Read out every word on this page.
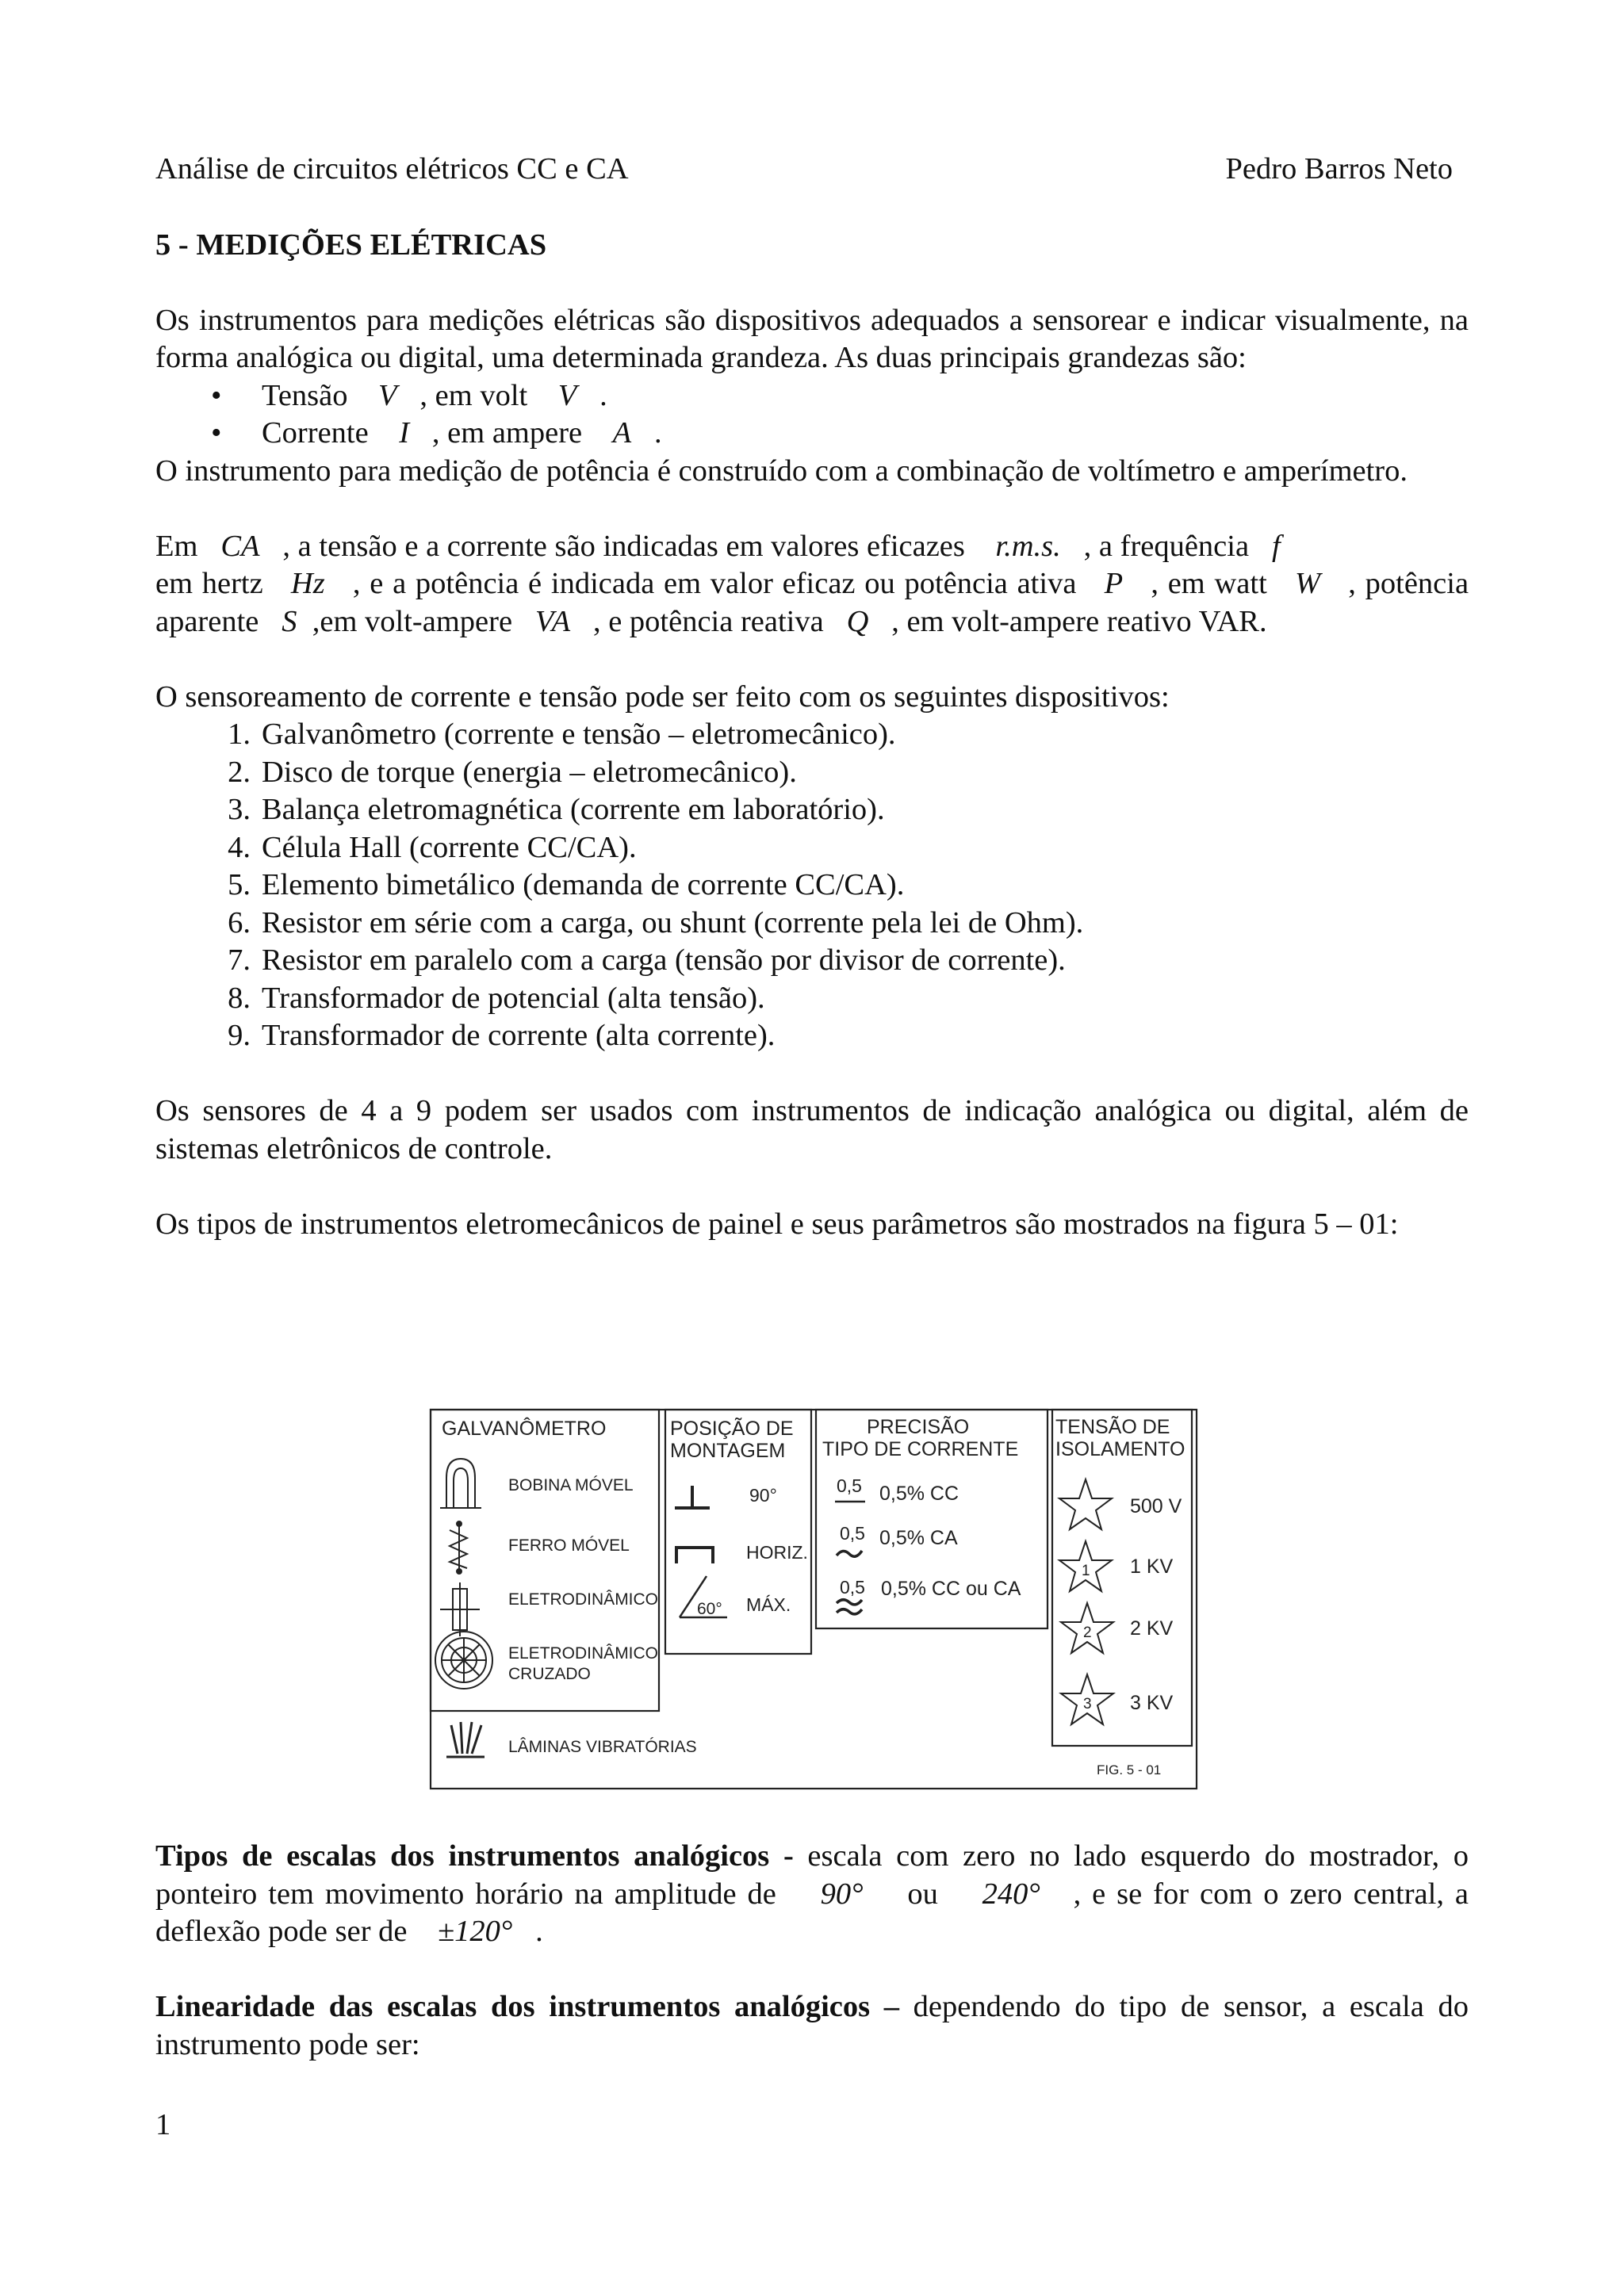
Análise de circuitos elétricos CC e CA	Pedro Barros Neto

5 - MEDIÇÕES ELÉTRICAS

Os instrumentos para medições elétricas são dispositivos adequados a sensorear e indicar visualmente, na forma analógica ou digital, uma determinada grandeza. As duas principais grandezas são:

• Tensão V , em volt V .
• Corrente I , em ampere A .

O instrumento para medição de potência é construído com a combinação de voltímetro e amperímetro.

Em CA , a tensão e a corrente são indicadas em valores eficazes r.m.s. , a frequência f
em hertz Hz , e a potência é indicada em valor eficaz ou potência ativa P , em watt W , potência aparente S ,em volt-ampere VA , e potência reativa Q , em volt-ampere reativo VAR.

O sensoreamento de corrente e tensão pode ser feito com os seguintes dispositivos:

1. Galvanômetro (corrente e tensão – eletromecânico).
2. Disco de torque (energia – eletromecânico).
3. Balança eletromagnética (corrente em laboratório).
4. Célula Hall (corrente CC/CA).
5. Elemento bimetálico (demanda de corrente CC/CA).
6. Resistor em série com a carga, ou shunt (corrente pela lei de Ohm).
7. Resistor em paralelo com a carga (tensão por divisor de corrente).
8. Transformador de potencial (alta tensão).
9. Transformador de corrente (alta corrente).

Os sensores de 4 a 9 podem ser usados com instrumentos de indicação analógica ou digital, além de sistemas eletrônicos de controle.

Os tipos de instrumentos eletromecânicos de painel e seus parâmetros são mostrados na figura 5 – 01:

GALVANÔMETRO
BOBINA MÓVEL
FERRO MÓVEL
ELETRODINÂMICO
ELETRODINÂMICO
CRUZADO
LÂMINAS VIBRATÓRIAS
POSIÇÃO DE
MONTAGEM
90°
HORIZ.
60° MÁX.
PRECISÃO
TIPO DE CORRENTE
0,5 0,5% CC
0,5 0,5% CA
0,5 0,5% CC ou CA
TENSÃO DE
ISOLAMENTO
1
2
3
500 V
1 KV
2 KV
3 KV
FIG. 5 - 01

Tipos de escalas dos instrumentos analógicos - escala com zero no lado esquerdo do mostrador, o ponteiro tem movimento horário na amplitude de 90° ou 240° , e se for com o zero central, a deflexão pode ser de ±120° .

Linearidade das escalas dos instrumentos analógicos – dependendo do tipo de sensor, a escala do instrumento pode ser:

1
